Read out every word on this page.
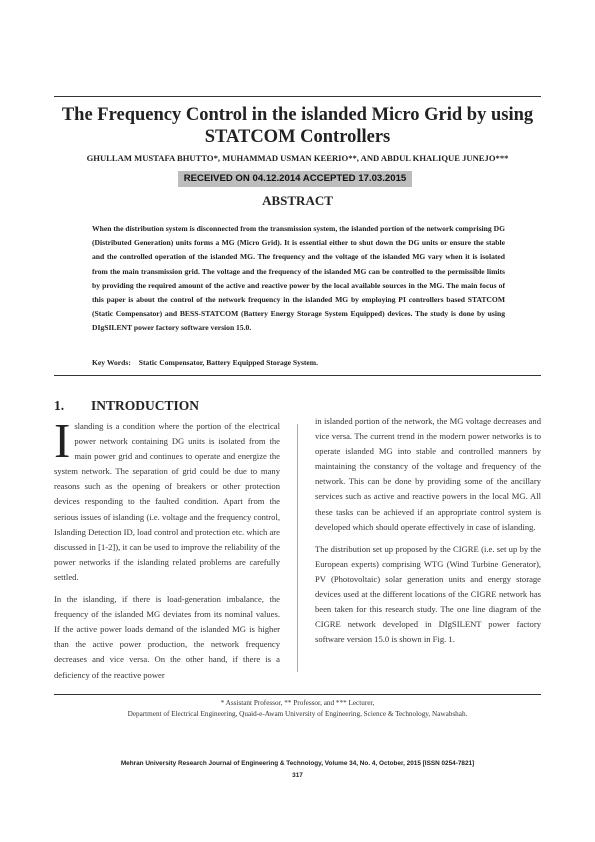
The Frequency Control in the islanded Micro Grid by using STATCOM Controllers
GHULLAM MUSTAFA BHUTTO*, MUHAMMAD USMAN KEERIO**, AND ABDUL KHALIQUE JUNEJO***
RECEIVED ON 04.12.2014 ACCEPTED 17.03.2015
ABSTRACT
When the distribution system is disconnected from the transmission system, the islanded portion of the network comprising DG (Distributed Generation) units forms a MG (Micro Grid). It is essential either to shut down the DG units or ensure the stable and the controlled operation of the islanded MG. The frequency and the voltage of the islanded MG vary when it is isolated from the main transmission grid. The voltage and the frequency of the islanded MG can be controlled to the permissible limits by providing the required amount of the active and reactive power by the local available sources in the MG. The main focus of this paper is about the control of the network frequency in the islanded MG by employing PI controllers based STATCOM (Static Compensator) and BESS-STATCOM (Battery Energy Storage System Equipped) devices. The study is done by using DIgSILENT power factory software version 15.0.
Key Words: Static Compensator, Battery Equipped Storage System.
1. INTRODUCTION

Islanding is a condition where the portion of the electrical power network containing DG units is isolated from the main power grid and continues to operate and energize the system network. The separation of grid could be due to many reasons such as the opening of breakers or other protection devices responding to the faulted condition. Apart from the serious issues of islanding (i.e. voltage and the frequency control, Islanding Detection ID, load control and protection etc. which are discussed in [1-2]), it can be used to improve the reliability of the power networks if the islanding related problems are carefully settled.

In the islanding, if there is load-generation imbalance, the frequency of the islanded MG deviates from its nominal values. If the active power loads demand of the islanded MG is higher than the active power production, the network frequency decreases and vice versa. On the other hand, if there is a deficiency of the reactive power

in islanded portion of the network, the MG voltage decreases and vice versa. The current trend in the modern power networks is to operate islanded MG into stable and controlled manners by maintaining the constancy of the voltage and frequency of the network. This can be done by providing some of the ancillary services such as active and reactive powers in the local MG. All these tasks can be achieved if an appropriate control system is developed which should operate effectively in case of islanding.

The distribution set up proposed by the CIGRE (i.e. set up by the European experts) comprising WTG (Wind Turbine Generator), PV (Photovoltaic) solar generation units and energy storage devices used at the different locations of the CIGRE network has been taken for this research study. The one line diagram of the CIGRE network developed in DIgSILENT power factory software version 15.0 is shown in Fig. 1.

* Assistant Professor, ** Professor, and *** Lecturer,
Department of Electrical Engineering, Quaid-e-Awam University of Engineering, Science & Technology, Nawabshah.
Mehran University Research Journal of Engineering & Technology, Volume 34, No. 4, October, 2015 [ISSN 0254-7821]
317
